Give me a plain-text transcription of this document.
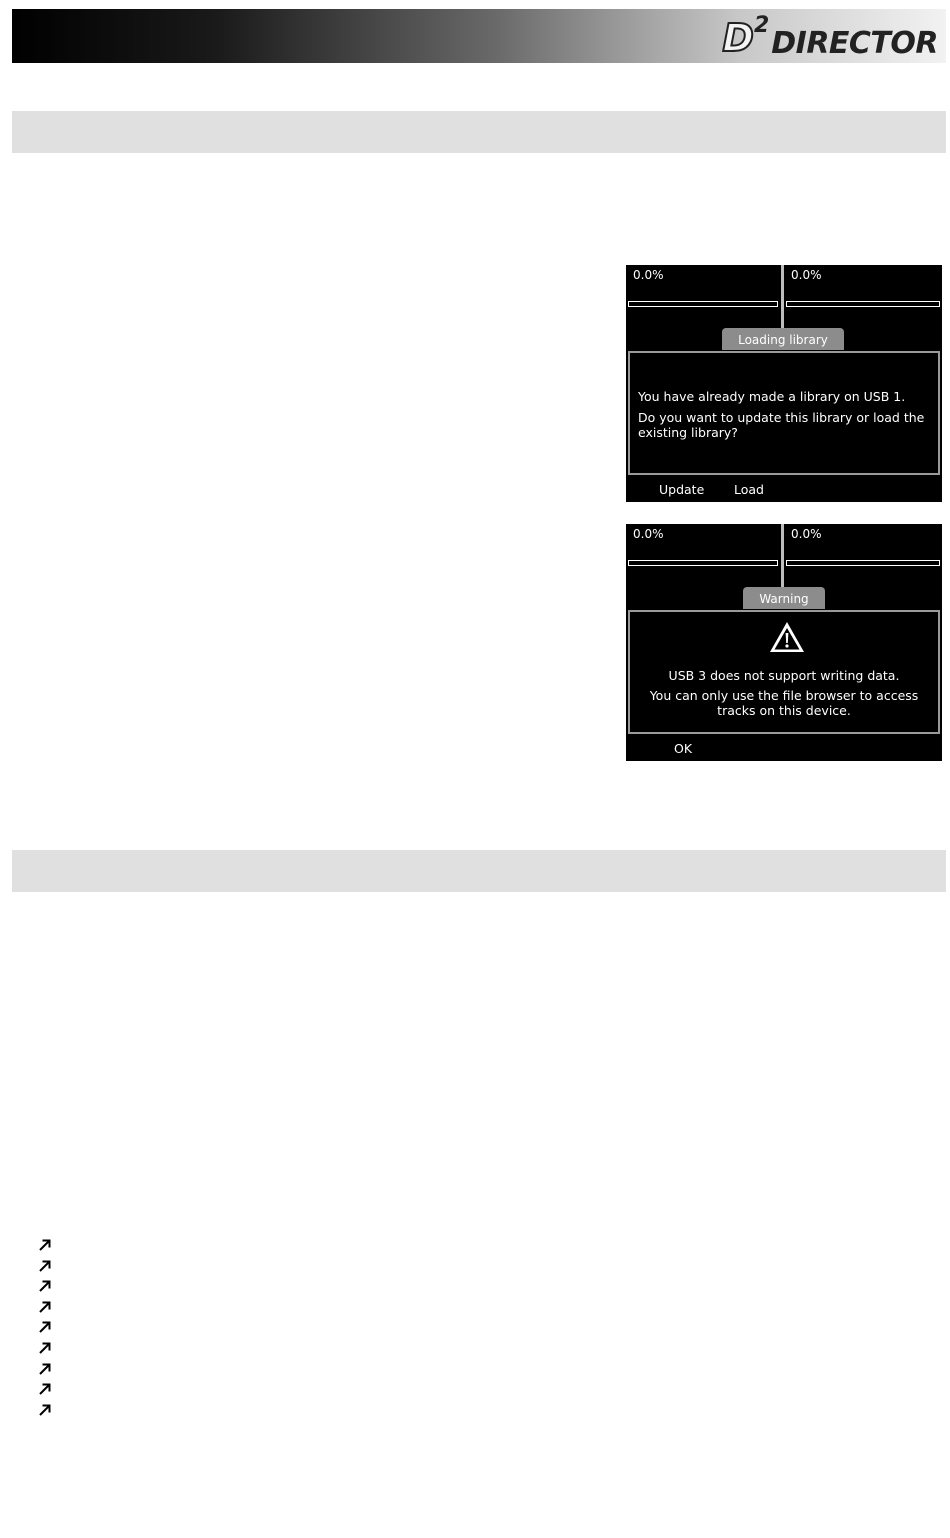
D 2
DIRECTOR
0.0%	0.0%
Loading library
You have already made a library on USB 1.
Do you want to update this library or load the
existing library?
Update Load
0.0%	0.0%
Warning
USB 3 does not support writing data.
You can only use the file browser to access
tracks on this device.
OK
